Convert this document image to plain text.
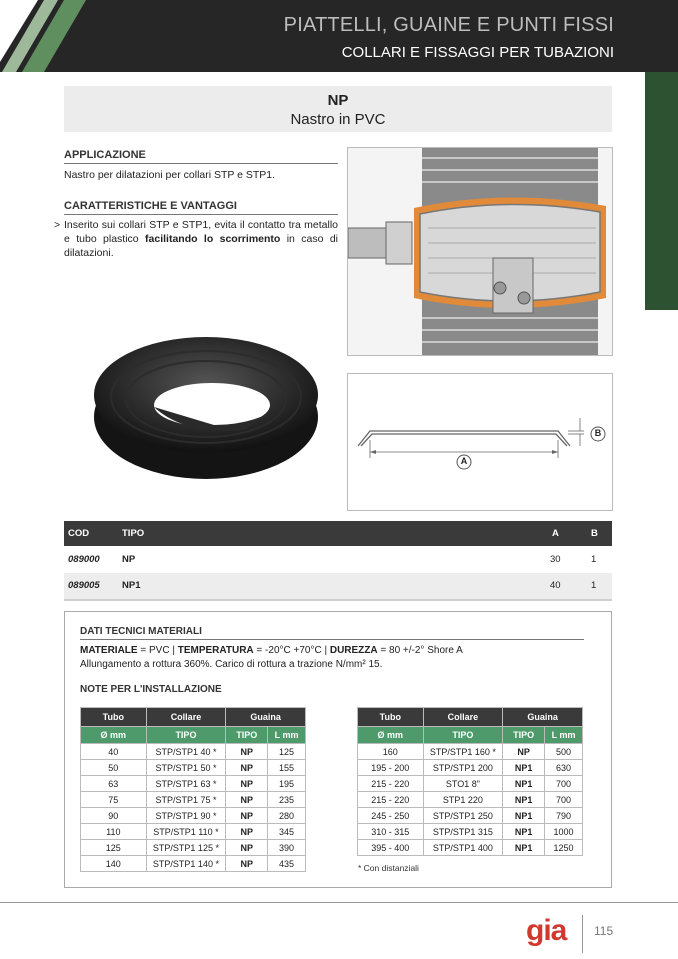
PIATTELLI, GUAINE E PUNTI FISSI
COLLARI E FISSAGGI PER TUBAZIONI
NP
Nastro in PVC
APPLICAZIONE
Nastro per dilatazioni per collari STP e STP1.
CARATTERISTICHE E VANTAGGI
> Inserito sui collari STP e STP1, evita il contatto tra metallo e tubo plastico facilitando lo scorrimento in caso di dilatazioni.
A
B
COD	TIPO	A	B
089000 NP	30	1
089005 NP1	40	1
DATI TECNICI MATERIALI
MATERIALE = PVC | TEMPERATURA = -20°C +70°C | DUREZZA = 80 +/-2° Shore A
Allungamento a rottura 360%. Carico di rottura a trazione N/mm² 15.
NOTE PER L'INSTALLAZIONE
Tubo	Collare	Guaina	
Ø mm	TIPO	TIPO	L mm
40	STP/STP1 40 *	NP	125
50	STP/STP1 50 *	NP	155
63	STP/STP1 63 *	NP	195
75	STP/STP1 75 *	NP	235
90	STP/STP1 90 *	NP	280
110	STP/STP1 110 *	NP	345
125	STP/STP1 125 *	NP	390
140	STP/STP1 140 *	NP	435
Tubo	Collare	Guaina	
Ø mm	TIPO	TIPO	L mm
160	STP/STP1 160 *	NP	500
195 - 200	STP/STP1 200	NP1	630
215 - 220	STO1 8"	NP1	700
215 - 220	STP1 220	NP1	700
245 - 250	STP/STP1 250	NP1	790
310 - 315	STP/STP1 315	NP1	1000
395 - 400	STP/STP1 400	NP1	1250
* Con distanziali
gia 115
